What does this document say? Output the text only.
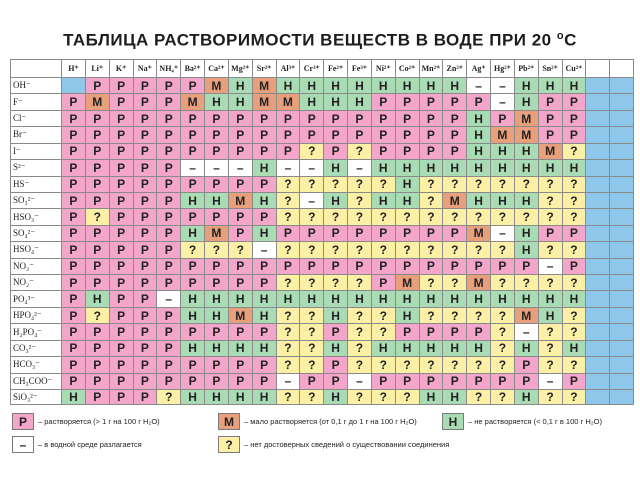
ТАБЛИЦА РАСТВОРИМОСТИ ВЕЩЕСТВ В ВОДЕ ПРИ 20 $^о$С
H⁺	Li⁺	K⁺	Na⁺ NH₄⁺ Ba²⁺ Ca²⁺ Mg²⁺ Sr²⁺	Al³⁺	Cr³⁺	Fe²⁺	Fe³⁺	Ni²⁺	Co²⁺ Mn²⁺ Zn²⁺	Ag⁺	Hg²⁺ Pb²⁺	Sn²⁺ Cu²⁺
OH⁻	Р	Р	Р	Р	Р	М	Н	М	Н	Н	Н	Н	Н	Н	Н	Н	–	–	Н	Н	Н
F⁻	Р	М	Р	Р	Р	М	Н	Н	М	М	Н	Н	Н	Р	Р	Р	Р	Р	–	Н	Р	Р
Cl⁻	Р	Р	Р	Р	Р	Р	Р	Р	Р	Р	Р	Р	Р	Р	Р	Р	Р	Н	Р	М	Р	Р
Br⁻	Р	Р	Р	Р	Р	Р	Р	Р	Р	Р	Р	Р	Р	Р	Р	Р	Р	Н	М	М	Р	Р
I⁻	Р	Р	Р	Р	Р	Р	Р	Р	Р	Р	?	Р	?	Р	Р	Р	Р	Н	Н	Н	М	?
S²⁻	Р	Р	Р	Р	Р	–	–	–	Н	–	–	Н	–	Н	Н	Н	Н	Н	Н	Н	Н	Н
HS⁻	Р	Р	Р	Р	Р	Р	Р	Р	Р	?	?	?	?	?	Н	?	?	?	?	?	?	?
SO₃²⁻	Р	Р	Р	Р	Р	Н	Н	М	Н	?	–	Н	?	Н	Н	?	М	Н	Н	Н	?	?
HSO₃⁻	Р	?	Р	Р	Р	Р	Р	Р	Р	?	?	?	?	?	?	?	?	?	?	?	?	?
SO₄²⁻	Р	Р	Р	Р	Р	Н	М	Р	Н	Р	Р	Р	Р	Р	Р	Р	Р	М	–	Н	Р	Р
HSO₄⁻	Р	Р	Р	Р	Р	?	?	?	–	?	?	?	?	?	?	?	?	?	?	Н	?	?
NO₃⁻	Р	Р	Р	Р	Р	Р	Р	Р	Р	Р	Р	Р	Р	Р	Р	Р	Р	Р	Р	Р	–	Р
NO₂⁻	Р	Р	Р	Р	Р	Р	Р	Р	Р	?	?	?	?	Р	М	?	?	М	?	?	?	?
PO₄³⁻	Р	Н	Р	Р	–	Н	Н	Н	Н	Н	Н	Н	Н	Н	Н	Н	Н	Н	Н	Н	Н	Н
HPO₄²⁻	Р	?	Р	Р	Р	Н	Н	М	Н	?	?	Н	?	?	Н	?	?	?	?	М	Н	?
H₂PO₄⁻	Р	Р	Р	Р	Р	Р	Р	Р	Р	?	?	Р	?	?	Р	Р	Р	Р	?	–	?	?
CO₃²⁻	Р	Р	Р	Р	Р	Н	Н	Н	Н	?	?	Н	?	Н	Н	Н	Н	Н	?	Н	?	Н
HCO₃⁻	Р	Р	Р	Р	Р	Р	Р	Р	Р	?	?	Р	?	?	?	?	?	?	?	Р	?	?
CH₃COO⁻	Р	Р	Р	Р	Р	Р	Р	Р	Р	–	Р	Р	–	Р	Р	Р	Р	Р	Р	Р	–	Р
SiO₃²⁻	Н	Р	Р	Р	?	Н	Н	Н	Н	?	?	Н	?	?	?	Н	Н	?	?	Н	?	?
Р	– растворяется (> 1 г на 100 г H₂O)	М	– мало растворяется (от 0,1 г до 1 г на 100 г H₂O)	Н	– не растворяется (< 0,1 г в 100 г H₂O)
–	– в водной среде разлагается	?	– нет достоверных сведений о существовании соединения
